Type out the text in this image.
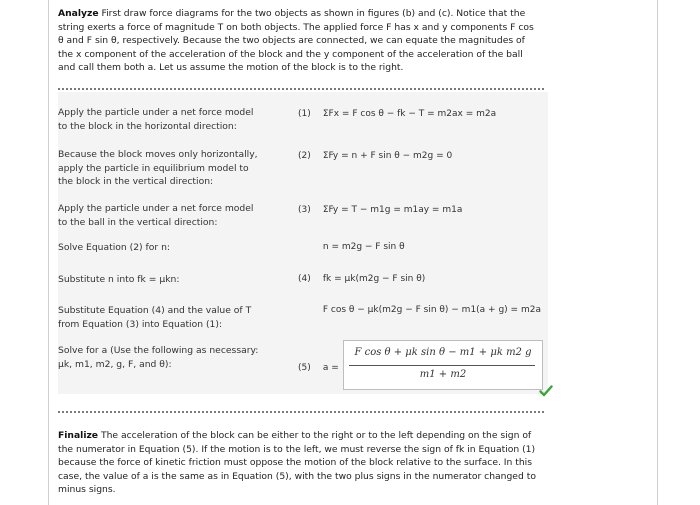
Analyze First draw force diagrams for the two objects as shown in figures (b) and (c). Notice that the string exerts a force of magnitude T on both objects. The applied force F has x and y components F cos θ and F sin θ, respectively. Because the two objects are connected, we can equate the magnitudes of the x component of the acceleration of the block and the y component of the acceleration of the ball and call them both a. Let us assume the motion of the block is to the right.
Apply the particle under a net force model to the block in the horizontal direction:
(1) ΣFx = F cos θ − fk − T = m2ax = m2a
Because the block moves only horizontally, apply the particle in equilibrium model to the block in the vertical direction:
(2) ΣFy = n + F sin θ − m2g = 0
Apply the particle under a net force model to the ball in the vertical direction:
(3) ΣFy = T − m1g = m1ay = m1a
Solve Equation (2) for n:	n = m2g − F sin θ
Substitute n into fk = μkn:	(4) fk = μk(m2g − F sin θ)
Substitute Equation (4) and the value of T from Equation (3) into Equation (1):
F cos θ − μk(m2g − F sin θ) − m1(a + g) = m2a
Solve for a (Use the following as necessary: μk, m1, m2, g, F, and θ):	(5) a =
F cos θ + μk sin θ − m1 + μk m2 g
m1 + m2
Finalize The acceleration of the block can be either to the right or to the left depending on the sign of the numerator in Equation (5). If the motion is to the left, we must reverse the sign of fk in Equation (1) because the force of kinetic friction must oppose the motion of the block relative to the surface. In this case, the value of a is the same as in Equation (5), with the two plus signs in the numerator changed to minus signs.
